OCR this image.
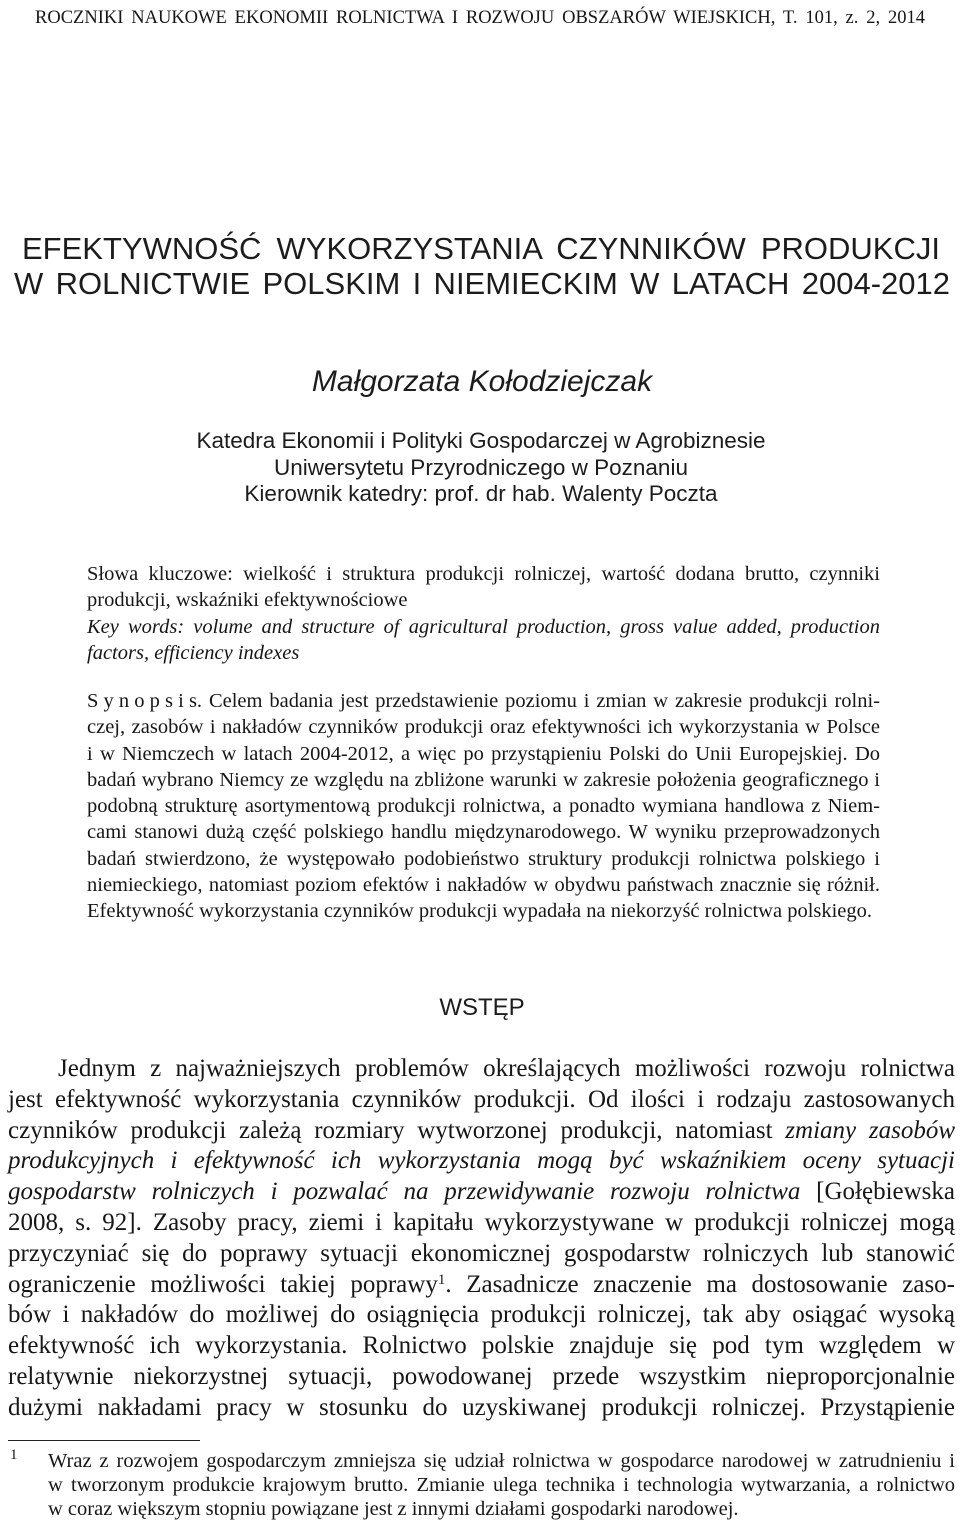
ROCZNIKI NAUKOWE EKONOMII ROLNICTWA I ROZWOJU OBSZARÓW WIEJSKICH, T. 101, z. 2, 2014
EFEKTYWNOŚĆ WYKORZYSTANIA CZYNNIKÓW PRODUKCJI
W ROLNICTWIE POLSKIM I NIEMIECKIM W LATACH 2004-2012
Małgorzata Kołodziejczak
Katedra Ekonomii i Polityki Gospodarczej w Agrobiznesie
Uniwersytetu Przyrodniczego w Poznaniu
Kierownik katedry: prof. dr hab. Walenty Poczta
Słowa kluczowe: wielkość i struktura produkcji rolniczej, wartość dodana brutto, czynniki
produkcji, wskaźniki efektywnościowe
Key words: volume and structure of agricultural production, gross value added, production
factors, efficiency indexes
S y n o p s i s. Celem badania jest przedstawienie poziomu i zmian w zakresie produkcji rolni-
czej, zasobów i nakładów czynników produkcji oraz efektywności ich wykorzystania w Polsce
i w Niemczech w latach 2004-2012, a więc po przystąpieniu Polski do Unii Europejskiej. Do
badań wybrano Niemcy ze względu na zbliżone warunki w zakresie położenia geograficznego i
podobną strukturę asortymentową produkcji rolnictwa, a ponadto wymiana handlowa z Niem-
cami stanowi dużą część polskiego handlu międzynarodowego. W wyniku przeprowadzonych
badań stwierdzono, że występowało podobieństwo struktury produkcji rolnictwa polskiego i
niemieckiego, natomiast poziom efektów i nakładów w obydwu państwach znacznie się różnił.
Efektywność wykorzystania czynników produkcji wypadała na niekorzyść rolnictwa polskiego.
WSTĘP
Jednym z najważniejszych problemów określających możliwości rozwoju rolnictwa
jest efektywność wykorzystania czynników produkcji. Od ilości i rodzaju zastosowanych
czynników produkcji zależą rozmiary wytworzonej produkcji, natomiast zmiany zasobów
produkcyjnych i efektywność ich wykorzystania mogą być wskaźnikiem oceny sytuacji
gospodarstw rolniczych i pozwalać na przewidywanie rozwoju rolnictwa [Gołębiewska
2008, s. 92]. Zasoby pracy, ziemi i kapitału wykorzystywane w produkcji rolniczej mogą
przyczyniać się do poprawy sytuacji ekonomicznej gospodarstw rolniczych lub stanowić
ograniczenie możliwości takiej poprawy$^1$. Zasadnicze znaczenie ma dostosowanie zaso-
bów i nakładów do możliwej do osiągnięcia produkcji rolniczej, tak aby osiągać wysoką
efektywność ich wykorzystania. Rolnictwo polskie znajduje się pod tym względem w
relatywnie niekorzystnej sytuacji, powodowanej przede wszystkim nieproporcjonalnie
dużymi nakładami pracy w stosunku do uzyskiwanej produkcji rolniczej. Przystąpienie
1 Wraz z rozwojem gospodarczym zmniejsza się udział rolnictwa w gospodarce narodowej w zatrudnieniu i
w tworzonym produkcie krajowym brutto. Zmianie ulega technika i technologia wytwarzania, a rolnictwo
w coraz większym stopniu powiązane jest z innymi działami gospodarki narodowej.
